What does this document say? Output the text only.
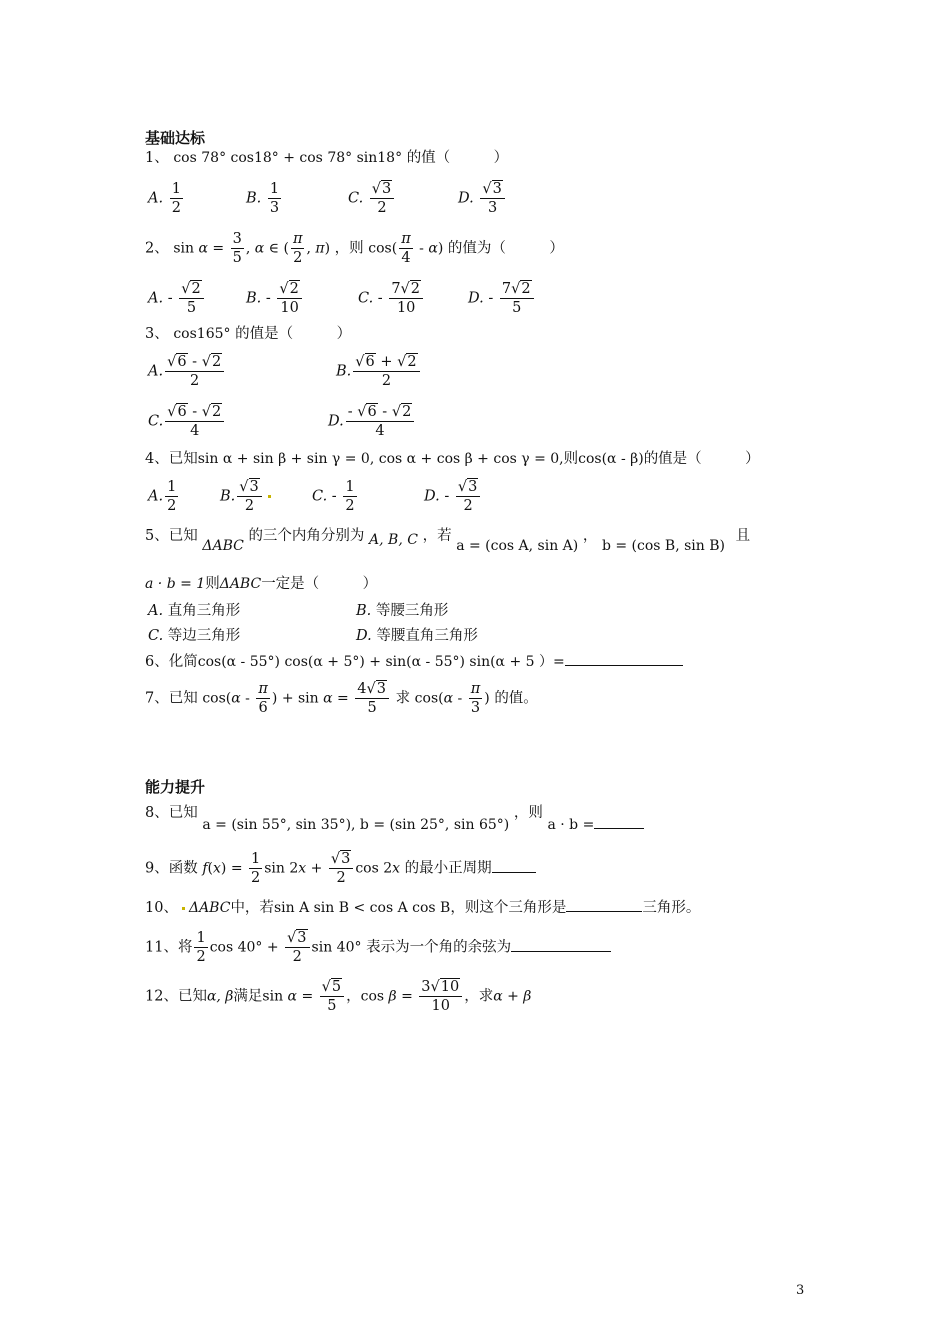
基础达标
1、 cos 78° cos18° + cos 78° sin18° 的值（　　　）
A. $\frac{1}{2}$	B. $\frac{1}{3}$	C. $\frac{√3}{2}$	D. $\frac{√3}{3}$
2、 $\sin \alpha = \frac{3}{5}$ , α ∈ ( $\frac{\pi}{2}$ , π) ，则 $\cos( \frac{\pi}{4} - \alpha)$ 的值为（　　　）
A. - $\frac{√2}{5}$	B. - $\frac{√2}{10}$	C. - $\frac{7√2}{10}$	D. - $\frac{7√2}{5}$
3、 cos165° 的值是（　　　）
A. $\frac{√6 - √2}{2}$	B. $\frac{√6 + √2}{2}$
C. $\frac{√6 - √2}{4}$	D. $\frac{- √6 - √2}{4}$
4、已知sin α + sin β + sin γ = 0, cos α + cos β + cos γ = 0,则cos(α - β)的值是（　　　）
A. $\frac{1}{2}$	B. $\frac{√3}{2}$	C. - $\frac{1}{2}$	D. - $\frac{√3}{2}$
5、已知 ΔABC 的三个内角分别为 A, B, C ，若 a = (cos A, sin A) ， b = (cos B, sin B) 且
a · b = 1则ΔABC一定是（　　　）
A. 直角三角形	B. 等腰三角形
C. 等边三角形	D. 等腰直角三角形
6、化简cos(α - 55°) cos(α + 5°) + sin(α - 55°) sin(α + 5 ）=
7、已知 $\cos(\alpha - \frac{\pi}{6}$ ) + $\sin \alpha = \frac{4√3}{5}$ 求 $\cos(\alpha - \frac{\pi}{3}$ ) 的值。
能力提升
8、已知 a = (sin 55°, sin 35°), b = (sin 25°, sin 65°) ，则 a · b =
9、函数 $f(x) = \frac{1}{2}$ $\sin 2x + \frac{√3}{2}$ cos 2x 的最小正周期
10、 ΔABC中，若sin A sin B < cos A cos B，则这个三角形是	三角形。
11、将 $\frac{1}{2}$ $\cos 40^\circ + \frac{√3}{2}$ sin 40° 表示为一个角的余弦为
12、已知α, β满足$\sin \alpha = \frac{√5}{5}$ ，$\cos \beta = \frac{3√10}{10}$ ，求α + β
3
